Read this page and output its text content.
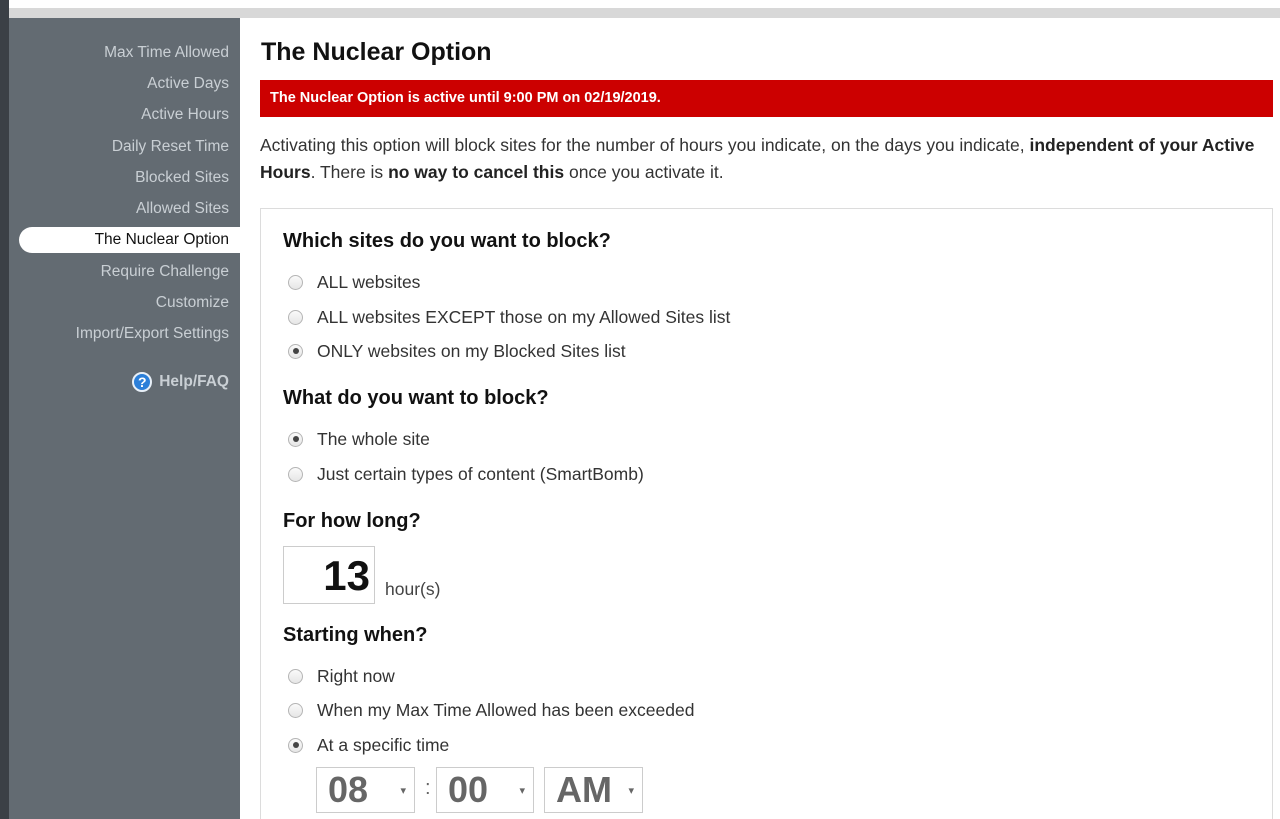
Max Time Allowed
Active Days
Active Hours
Daily Reset Time
Blocked Sites
Allowed Sites
The Nuclear Option
Require Challenge
Customize
Import/Export Settings
? Help/FAQ
The Nuclear Option
The Nuclear Option is active until 9:00 PM on 02/19/2019.

Activating this option will block sites for the number of hours you indicate, on the days you indicate, independent of your Active Hours. There is no way to cancel this once you activate it.

Which sites do you want to block?
ALL websites
ALL websites EXCEPT those on my Allowed Sites list
ONLY websites on my Blocked Sites list
What do you want to block?
The whole site
Just certain types of content (SmartBomb)
For how long?
13 hour(s)
Starting when?
Right now
When my Max Time Allowed has been exceeded
At a specific time
08	▾ : 00	▾ AM ▾
